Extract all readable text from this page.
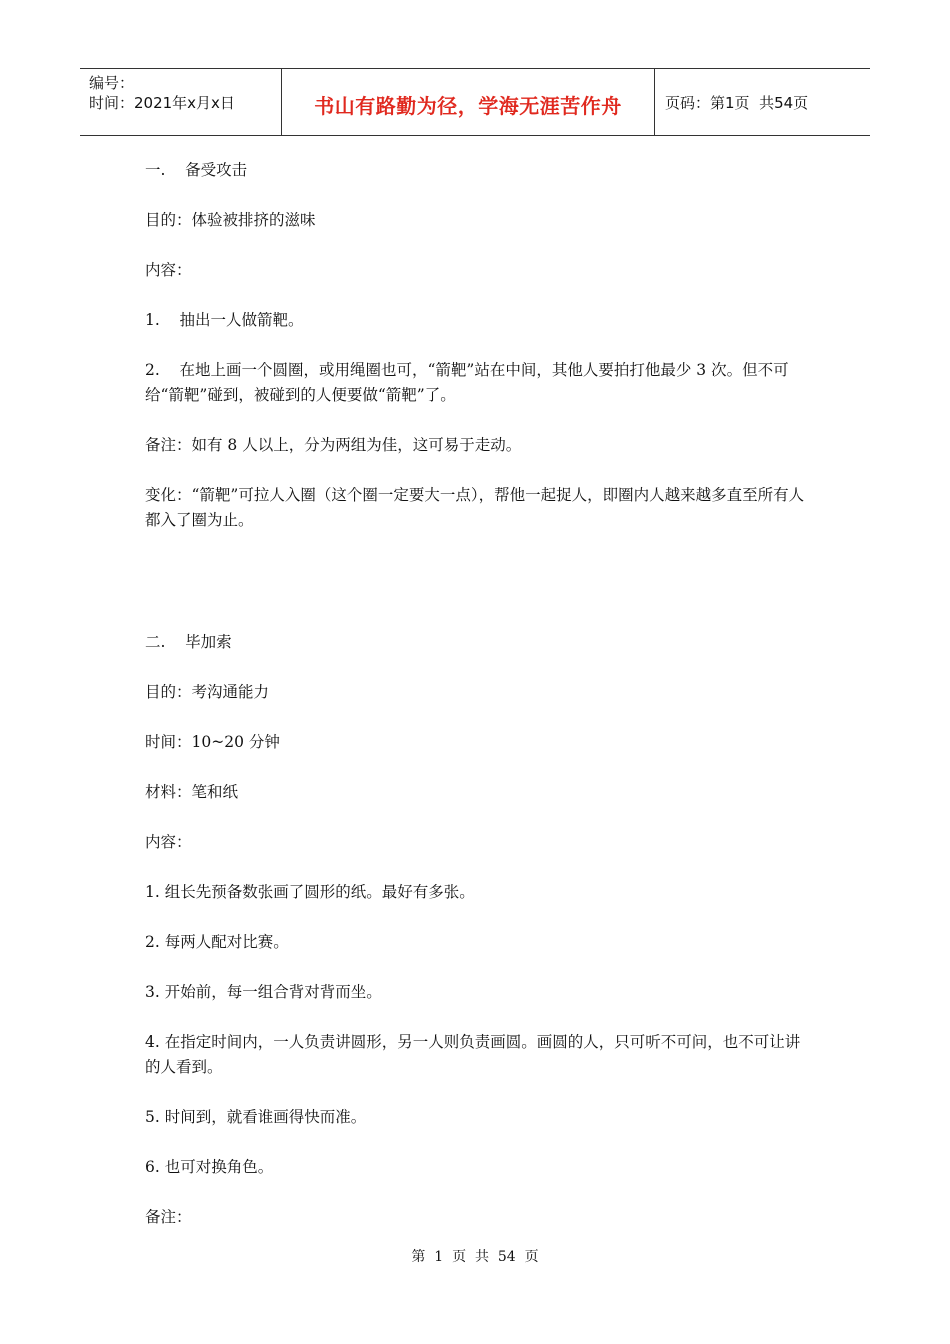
编号：
时间：2021年x月x日	书山有路勤为径，学海无涯苦作舟	页码：第1页  共54页

一.    备受攻击

目的：体验被排挤的滋味

内容：

1.    抽出一人做箭靶。

2.    在地上画一个圆圈，或用绳圈也可，“箭靶”站在中间，其他人要拍打他最少 3 次。但不可给“箭靶”碰到，被碰到的人便要做“箭靶”了。

备注：如有 8 人以上，分为两组为佳，这可易于走动。

变化：“箭靶”可拉人入圈（这个圈一定要大一点），帮他一起捉人，即圈内人越来越多直至所有人都入了圈为止。

二.    毕加索

目的：考沟通能力

时间：10~20 分钟

材料：笔和纸

内容：

1. 组长先预备数张画了圆形的纸。最好有多张。

2. 每两人配对比赛。

3. 开始前，每一组合背对背而坐。

4. 在指定时间内，一人负责讲圆形，另一人则负责画圆。画圆的人，只可听不可问，也不可让讲的人看到。

5. 时间到，就看谁画得快而准。

6. 也可对换角色。

备注：

第  1  页  共  54  页
